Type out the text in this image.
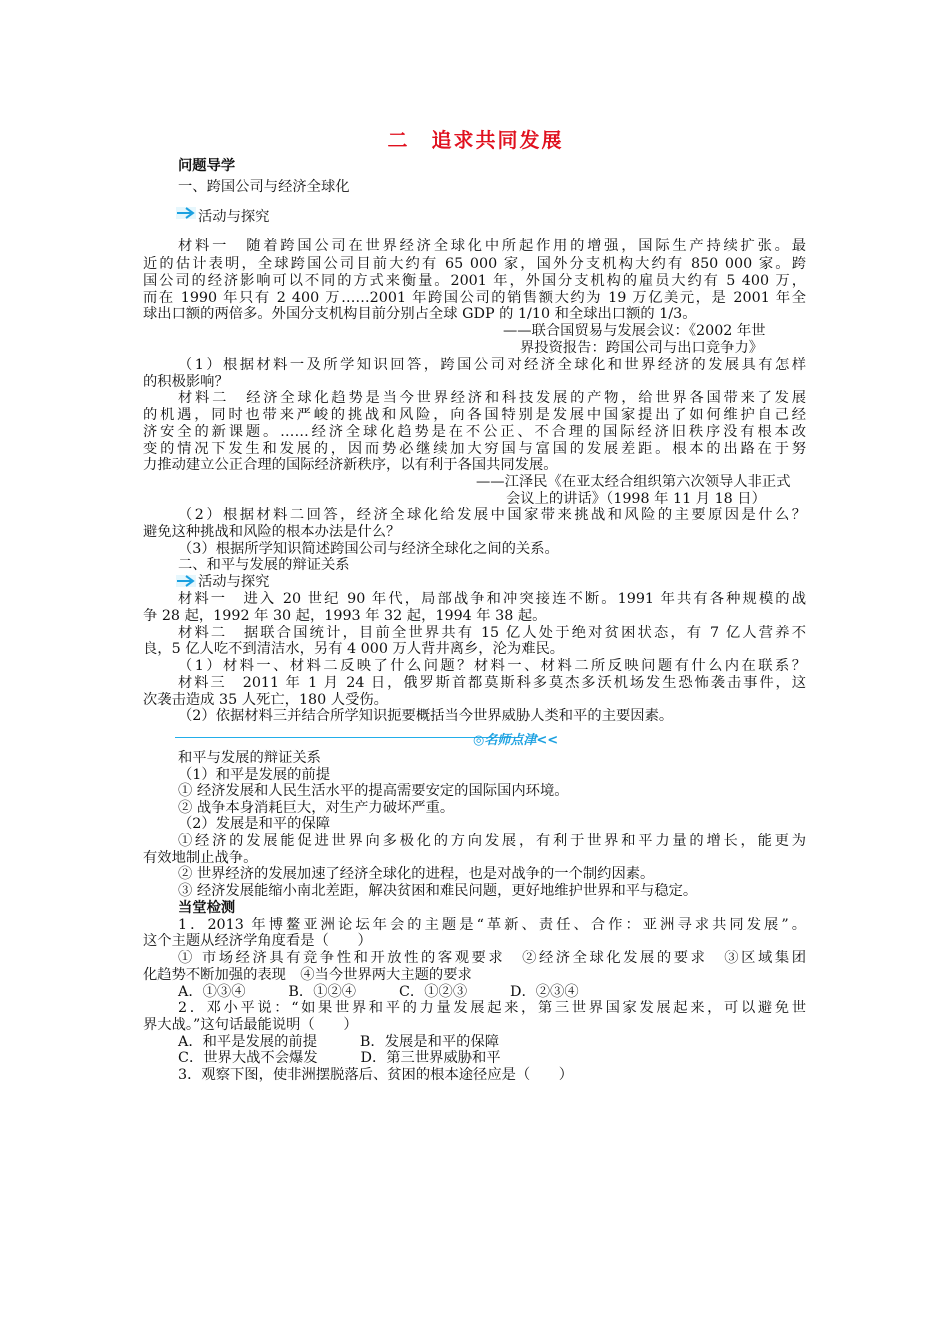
二　追求共同发展
◎名师点津<<
问题导学
一、跨国公司与经济全球化
活动与探究
材料一　随着跨国公司在世界经济全球化中所起作用的增强，国际生产持续扩张。最
近的估计表明，全球跨国公司目前大约有 65 000 家，国外分支机构大约有 850 000 家。跨
国公司的经济影响可以不同的方式来衡量。2001 年，外国分支机构的雇员大约有 5 400 万，
而在 1990 年只有 2 400 万……2001 年跨国公司的销售额大约为 19 万亿美元，是 2001 年全
球出口额的两倍多。外国分支机构目前分别占全球 GDP 的 1/10 和全球出口额的 1/3。
——联合国贸易与发展会议：《2002 年世
界投资报告：跨国公司与出口竞争力》
（1）根据材料一及所学知识回答，跨国公司对经济全球化和世界经济的发展具有怎样
的积极影响？
材料二　经济全球化趋势是当今世界经济和科技发展的产物，给世界各国带来了发展
的机遇，同时也带来严峻的挑战和风险，向各国特别是发展中国家提出了如何维护自己经
济安全的新课题。……经济全球化趋势是在不公正、不合理的国际经济旧秩序没有根本改
变的情况下发生和发展的，因而势必继续加大穷国与富国的发展差距。根本的出路在于努
力推动建立公正合理的国际经济新秩序，以有利于各国共同发展。
——江泽民《在亚太经合组织第六次领导人非正式
会议上的讲话》（1998 年 11 月 18 日）
（2）根据材料二回答，经济全球化给发展中国家带来挑战和风险的主要原因是什么？
避免这种挑战和风险的根本办法是什么？
（3）根据所学知识简述跨国公司与经济全球化之间的关系。
二、和平与发展的辩证关系
活动与探究
材料一　进入 20 世纪 90 年代，局部战争和冲突接连不断。1991 年共有各种规模的战
争 28 起，1992 年 30 起，1993 年 32 起，1994 年 38 起。
材料二　据联合国统计，目前全世界共有 15 亿人处于绝对贫困状态，有 7 亿人营养不
良，5 亿人吃不到清洁水，另有 4 000 万人背井离乡，沦为难民。
（1）材料一、材料二反映了什么问题？材料一、材料二所反映问题有什么内在联系？
材料三　2011 年 1 月 24 日，俄罗斯首都莫斯科多莫杰多沃机场发生恐怖袭击事件，这
次袭击造成 35 人死亡，180 人受伤。
（2）依据材料三并结合所学知识扼要概括当今世界威胁人类和平的主要因素。
和平与发展的辩证关系
（1）和平是发展的前提
① 经济发展和人民生活水平的提高需要安定的国际国内环境。
② 战争本身消耗巨大，对生产力破坏严重。
（2）发展是和平的保障
①经济的发展能促进世界向多极化的方向发展，有利于世界和平力量的增长，能更为
有效地制止战争。
② 世界经济的发展加速了经济全球化的进程，也是对战争的一个制约因素。
③ 经济发展能缩小南北差距，解决贫困和难民问题，更好地维护世界和平与稳定。
当堂检测
1．2013 年博鳌亚洲论坛年会的主题是“革新、责任、合作：亚洲寻求共同发展”。
这个主题从经济学角度看是（　　）
① 市场经济具有竞争性和开放性的客观要求　②经济全球化发展的要求　③区域集团
化趋势不断加强的表现　④当今世界两大主题的要求
A．①③④　　　B．①②④　　　C．①②③　　　D．②③④
2．邓小平说：“如果世界和平的力量发展起来，第三世界国家发展起来，可以避免世
界大战。”这句话最能说明（　　）
A．和平是发展的前提　　　B．发展是和平的保障
C．世界大战不会爆发　　　D．第三世界威胁和平
3．观察下图，使非洲摆脱落后、贫困的根本途径应是（　　）
